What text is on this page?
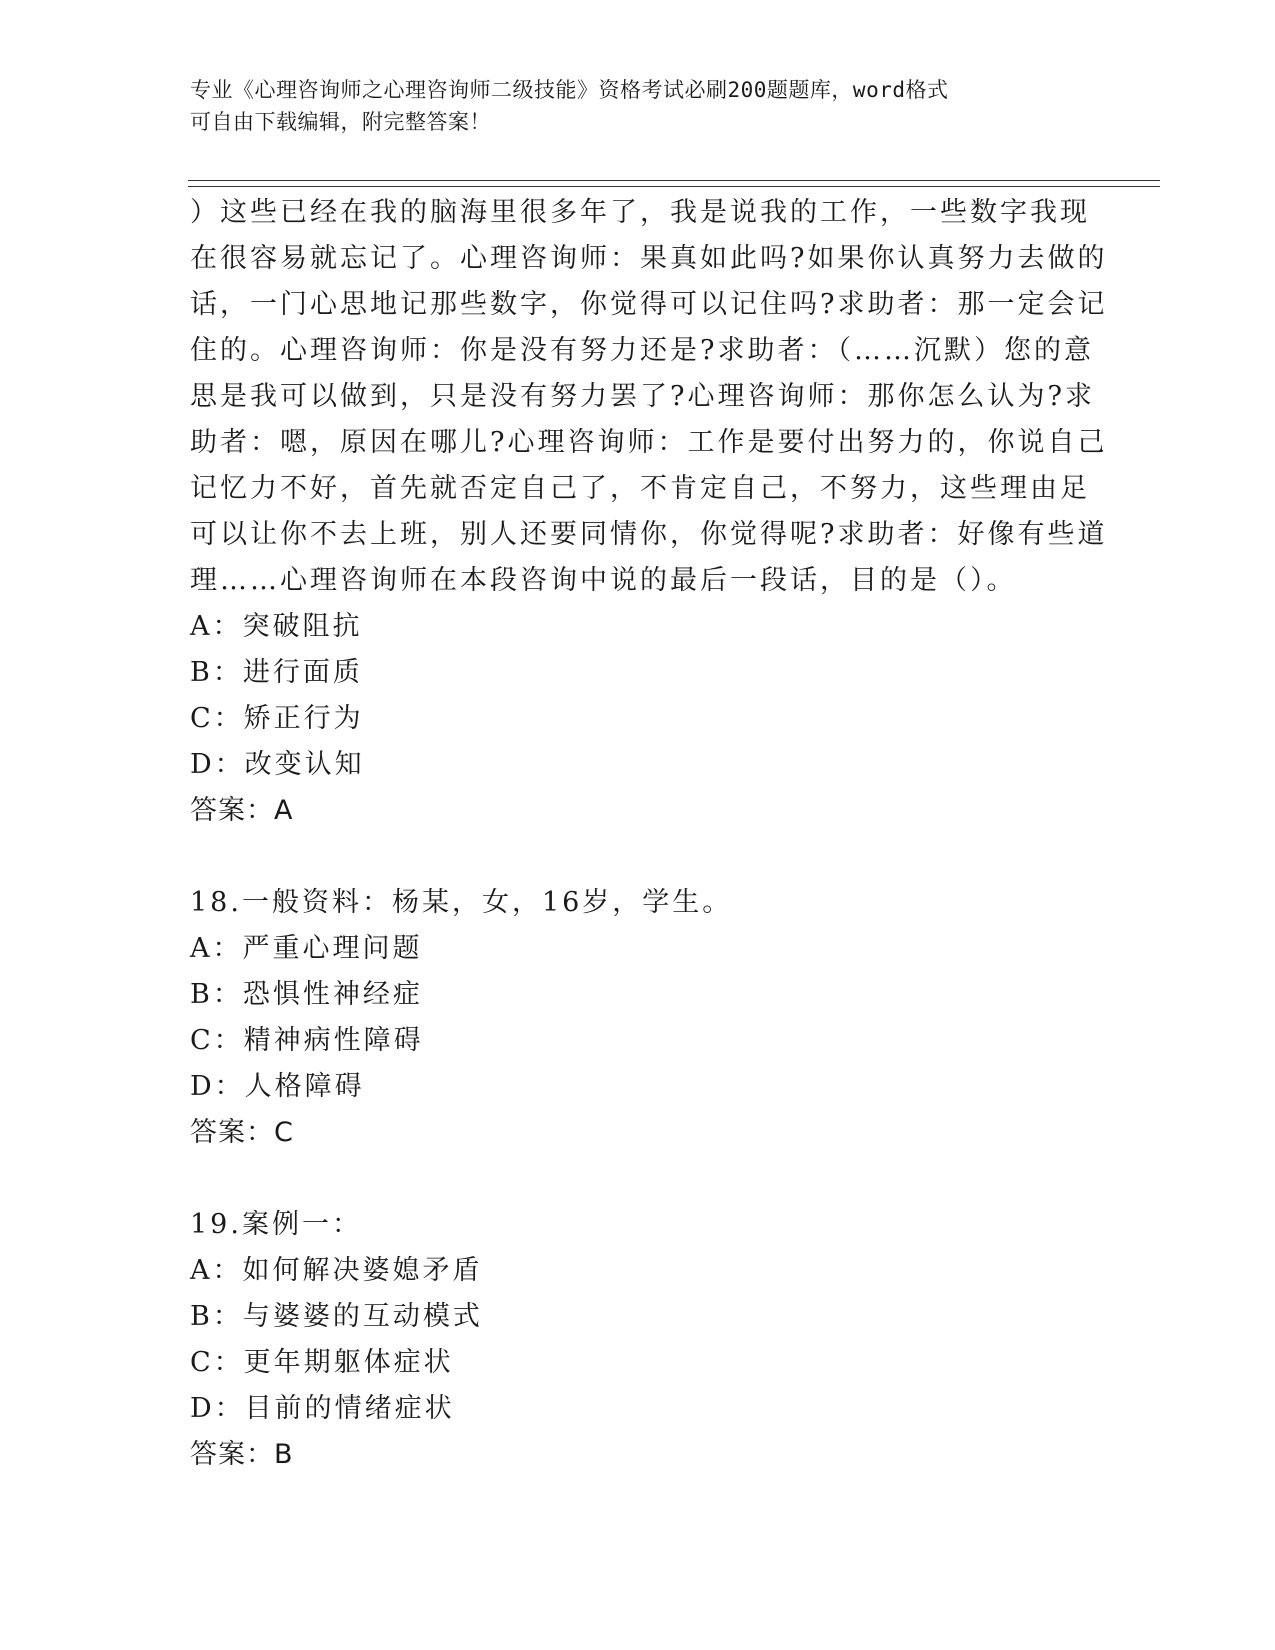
专业《心理咨询师之心理咨询师二级技能》资格考试必刷200题题库，word格式
可自由下载编辑，附完整答案！
）这些已经在我的脑海里很多年了，我是说我的工作，一些数字我现
在很容易就忘记了。心理咨询师：果真如此吗?如果你认真努力去做的
话，一门心思地记那些数字，你觉得可以记住吗?求助者：那一定会记
住的。心理咨询师：你是没有努力还是?求助者：（……沉默）您的意
思是我可以做到，只是没有努力罢了?心理咨询师：那你怎么认为?求
助者：嗯，原因在哪儿?心理咨询师：工作是要付出努力的，你说自己
记忆力不好，首先就否定自己了，不肯定自己，不努力，这些理由足
可以让你不去上班，别人还要同情你，你觉得呢?求助者：好像有些道
理……心理咨询师在本段咨询中说的最后一段话，目的是（）。
A：突破阻抗
B：进行面质
C：矫正行为
D：改变认知
答案：A
18.一般资料：杨某，女，16岁，学生。
A：严重心理问题
B：恐惧性神经症
C：精神病性障碍
D：人格障碍
答案：C
19.案例一：
A：如何解决婆媳矛盾
B：与婆婆的互动模式
C：更年期躯体症状
D：目前的情绪症状
答案：B
